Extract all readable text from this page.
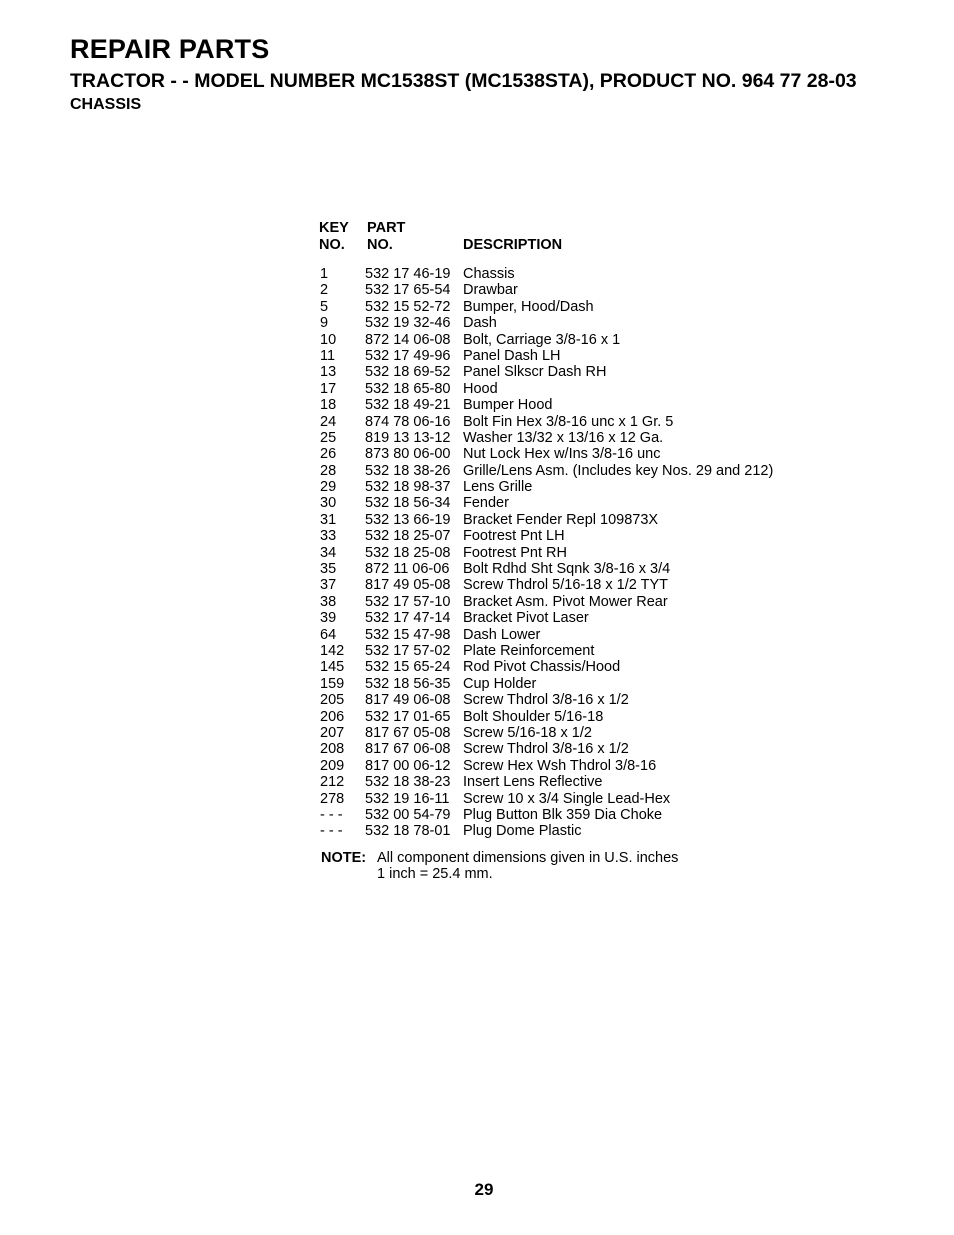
REPAIR PARTS
TRACTOR - - MODEL NUMBER MC1538ST (MC1538STA), PRODUCT NO. 964 77 28-03
CHASSIS
KEY
NO.
PART
NO.	DESCRIPTION
1	532 17 46-19 Chassis
2	532 17 65-54 Drawbar
5	532 15 52-72 Bumper, Hood/Dash
9	532 19 32-46 Dash
10 872 14 06-08 Bolt, Carriage 3/8-16 x 1
11 532 17 49-96 Panel Dash LH
13 532 18 69-52 Panel Slkscr Dash RH
17 532 18 65-80 Hood
18 532 18 49-21 Bumper Hood
24 874 78 06-16 Bolt Fin Hex 3/8-16 unc x 1 Gr. 5
25 819 13 13-12 Washer 13/32 x 13/16 x 12 Ga.
26 873 80 06-00 Nut Lock Hex w/Ins 3/8-16 unc
28 532 18 38-26 Grille/Lens Asm. (Includes key Nos. 29 and 212)
29 532 18 98-37 Lens Grille
30 532 18 56-34 Fender
31 532 13 66-19 Bracket Fender Repl 109873X
33 532 18 25-07 Footrest Pnt LH
34 532 18 25-08 Footrest Pnt RH
35 872 11 06-06 Bolt Rdhd Sht Sqnk 3/8-16 x 3/4
37 817 49 05-08 Screw Thdrol 5/16-18 x 1/2 TYT
38 532 17 57-10 Bracket Asm. Pivot Mower Rear
39 532 17 47-14 Bracket Pivot Laser
64 532 15 47-98 Dash Lower
142 532 17 57-02 Plate Reinforcement
145 532 15 65-24 Rod Pivot Chassis/Hood
159 532 18 56-35 Cup Holder
205 817 49 06-08 Screw Thdrol 3/8-16 x 1/2
206 532 17 01-65 Bolt Shoulder 5/16-18
207 817 67 05-08 Screw 5/16-18 x 1/2
208 817 67 06-08 Screw Thdrol 3/8-16 x 1/2
209 817 00 06-12 Screw Hex Wsh Thdrol 3/8-16
212 532 18 38-23 Insert Lens Reflective
278 532 19 16-11 Screw 10 x 3/4 Single Lead-Hex
- - - 532 00 54-79 Plug Button Blk 359 Dia Choke
- - - 532 18 78-01 Plug Dome Plastic
NOTE: All component dimensions given in U.S. inches
1 inch = 25.4 mm.
29
